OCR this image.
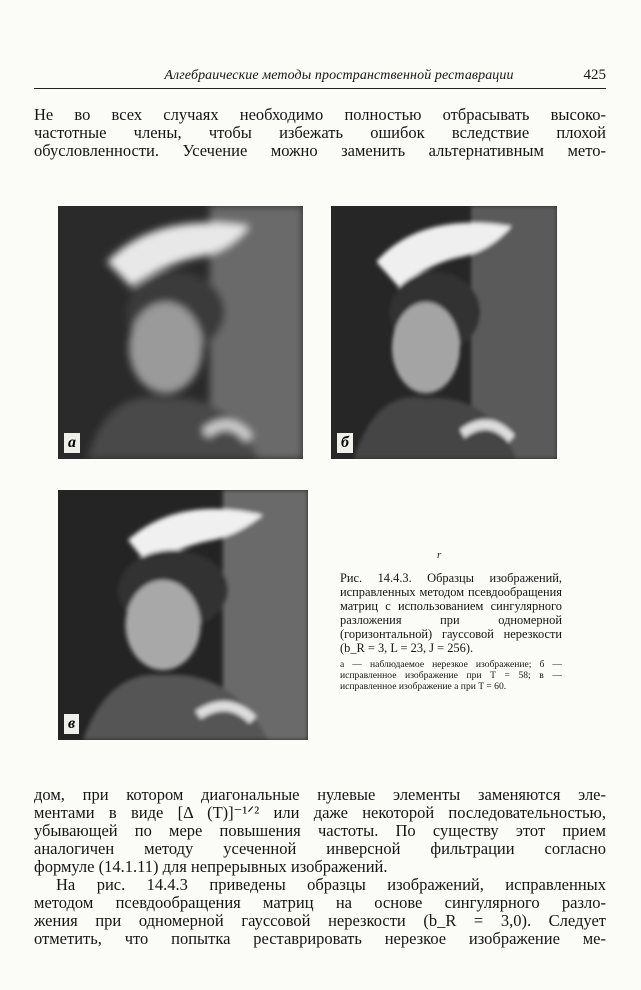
Алгебраические методы пространственной реставрации	425
Не во всех случаях необходимо полностью отбрасывать высоко-
частотные члены, чтобы избежать ошибок вследствие плохой
обусловленности. Усечение можно заменить альтернативным мето-
а	б
в
r

Рис. 14.4.3. Образцы изображений, исправленных методом псевдообращения матриц с использованием сингулярного разложения при одномерной (горизонтальной) гауссовой нерезкости (b_R = 3, L = 23, J = 256).

а — наблюдаемое нерезкое изображение; б — исправленное изображение при T = 58; в — исправленное изображение а при T = 60.

дом, при котором диагональные нулевые элементы заменяются эле-
ментами в виде [Δ (T)]⁻¹ᐟ² или даже некоторой последовательностью,
убывающей по мере повышения частоты. По существу этот прием
аналогичен методу усеченной инверсной фильтрации согласно
формуле (14.1.11) для непрерывных изображений.
На рис. 14.4.3 приведены образцы изображений, исправленных
методом псевдообращения матриц на основе сингулярного разло-
жения при одномерной гауссовой нерезкости (b_R = 3,0). Следует
отметить, что попытка реставрировать нерезкое изображение ме-
